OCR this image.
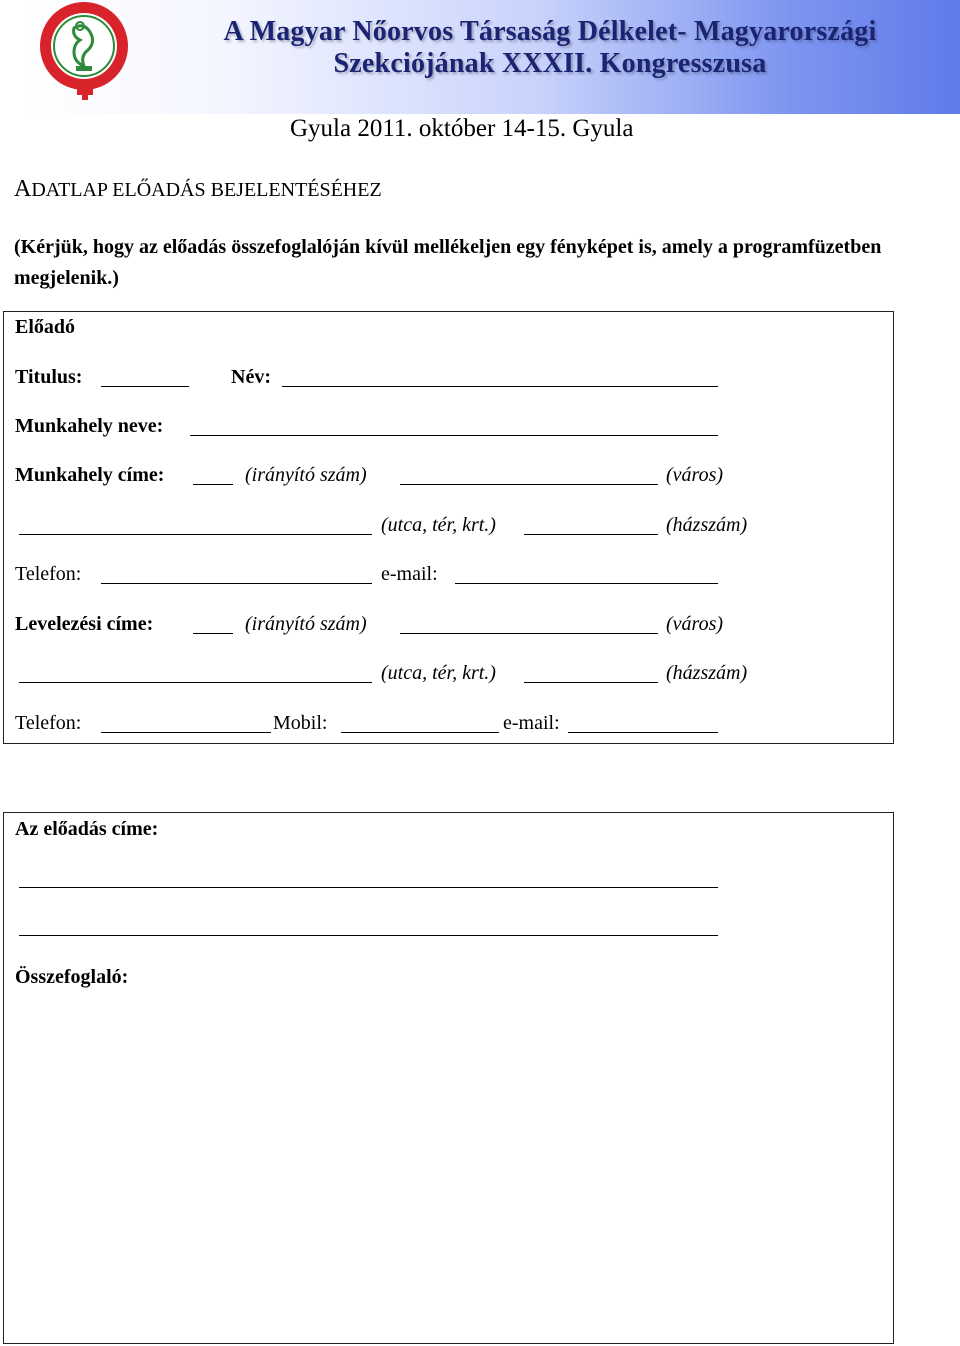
A Magyar Nőorvos Társaság Délkelet- Magyarországi
Szekciójának XXXII. Kongresszusa
Gyula 2011. október 14-15. Gyula
ADATLAP ELŐADÁS BEJELENTÉSÉHEZ
(Kérjük, hogy az előadás összefoglalóján kívül mellékeljen egy fényképet is, amely a programfüzetben megjelenik.)
Előadó
Titulus:	Név:
Munkahely neve:
Munkahely címe:	(irányító szám)	(város)
(utca, tér, krt.)	(házszám)
Telefon:	e-mail:
Levelezési címe:	(irányító szám)	(város)
(utca, tér, krt.)	(házszám)
Telefon:	Mobil:	e-mail:
Az előadás címe:
Összefoglaló:
